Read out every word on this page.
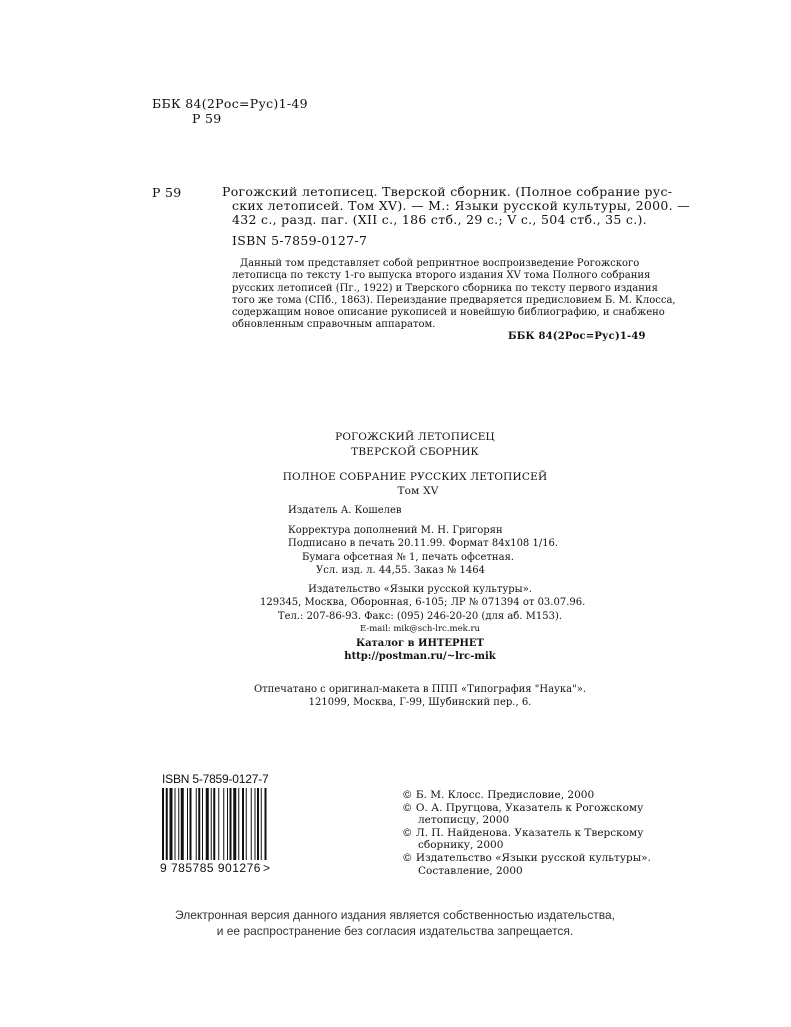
ББК 84(2Рос=Рус)1-49
Р 59
Р 59	Рогожский летописец. Тверской сборник. (Полное собрание рус-
ских летописей. Том XV). — М.: Языки русской культуры, 2000. —
432 с., разд. паг. (XII с., 186 стб., 29 с.; V с., 504 стб., 35 с.).
ISBN 5-7859-0127-7
Данный том представляет собой репринтное воспроизведение Рогожского
летописца по тексту 1-го выпуска второго издания XV тома Полного собрания
русских летописей (Пг., 1922) и Тверского сборника по тексту первого издания
того же тома (СПб., 1863). Переиздание предваряется предисловием Б. М. Клосса,
содержащим новое описание рукописей и новейшую библиографию, и снабжено
обновленным справочным аппаратом.
ББК 84(2Рос=Рус)1-49
РОГОЖСКИЙ ЛЕТОПИСЕЦ
ТВЕРСКОЙ СБОРНИК
ПОЛНОЕ СОБРАНИЕ РУССКИХ ЛЕТОПИСЕЙ
Том XV
Издатель А. Кошелев
Корректура дополнений М. Н. Григорян
Подписано в печать 20.11.99. Формат 84x108 1/16.
Бумага офсетная № 1, печать офсетная.
Усл. изд. л. 44,55. Заказ № 1464
Издательство «Языки русской культуры».
129345, Москва, Оборонная, 6-105; ЛР № 071394 от 03.07.96.
Тел.: 207-86-93. Факс: (095) 246-20-20 (для аб. М153).
E-mail: mik@sch-lrc.mek.ru
Каталог в ИНТЕРНЕТ
http://postman.ru/~lrc-mik
Отпечатано с оригинал-макета в ППП «Типография "Наука"».
121099, Москва, Г-99, Шубинский пер., 6.
ISBN 5-7859-0127-7
9 785785 901276 >
© Б. М. Клосс. Предисловие, 2000
© О. А. Пругцова, Указатель к Рогожскому
летописцу, 2000
© Л. П. Найденова. Указатель к Тверскому
сборнику, 2000
© Издательство «Языки русской культуры».
Составление, 2000
Электронная версия данного издания является собственностью издательства,
и ее распространение без согласия издательства запрещается.
